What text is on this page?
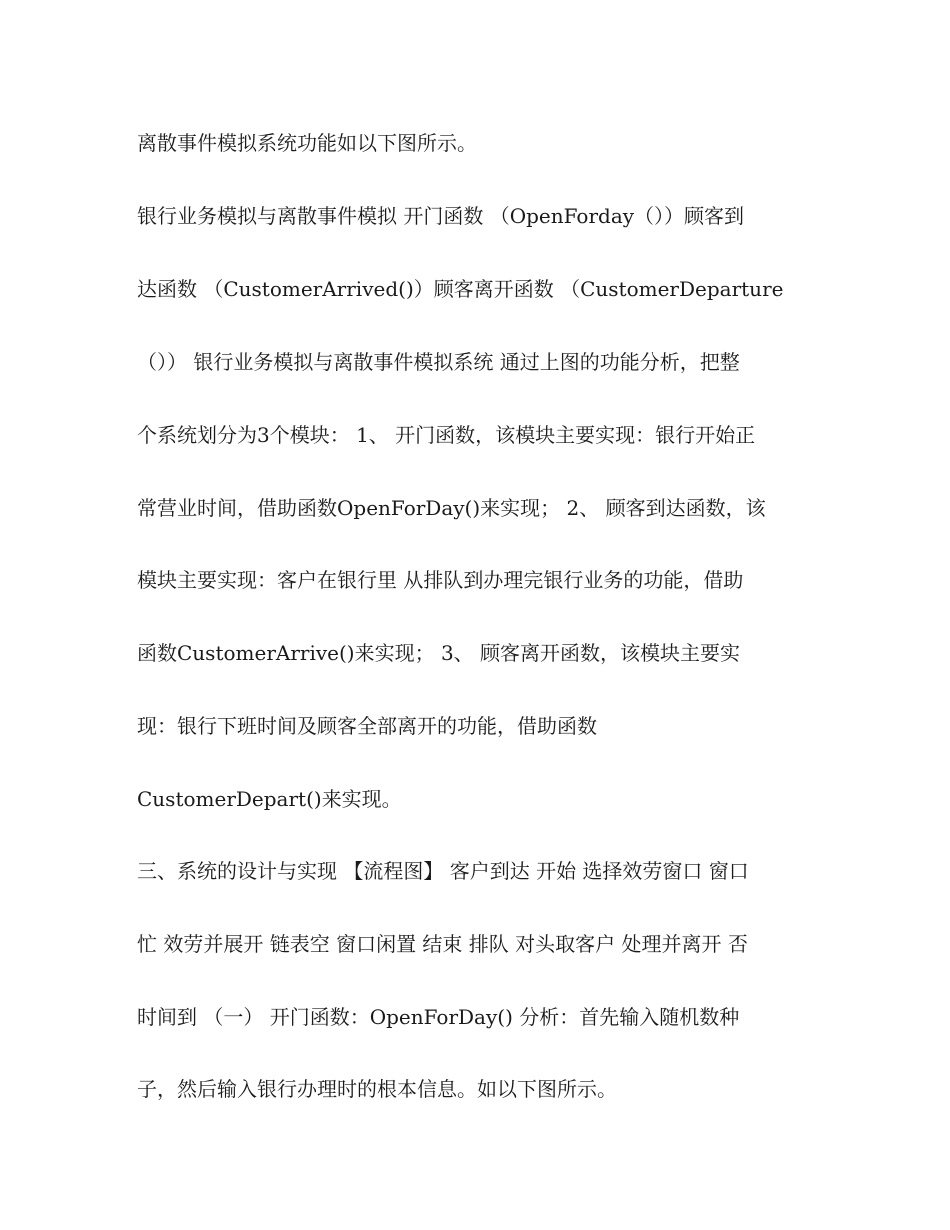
离散事件模拟系统功能如以下图所示。
银行业务模拟与离散事件模拟 开门函数 （OpenForday（））顾客到
达函数 （CustomerArrived()）顾客离开函数 （CustomerDeparture
（）） 银行业务模拟与离散事件模拟系统 通过上图的功能分析，把整
个系统划分为3个模块： 1、 开门函数，该模块主要实现：银行开始正
常营业时间，借助函数OpenForDay()来实现； 2、 顾客到达函数，该
模块主要实现：客户在银行里 从排队到办理完银行业务的功能，借助
函数CustomerArrive()来实现； 3、 顾客离开函数，该模块主要实
现：银行下班时间及顾客全部离开的功能，借助函数
CustomerDepart()来实现。
三、系统的设计与实现 【流程图】 客户到达 开始 选择效劳窗口 窗口
忙 效劳并展开 链表空 窗口闲置 结束 排队 对头取客户 处理并离开 否
时间到 （一） 开门函数：OpenForDay() 分析：首先输入随机数种
子，然后输入银行办理时的根本信息。如以下图所示。
